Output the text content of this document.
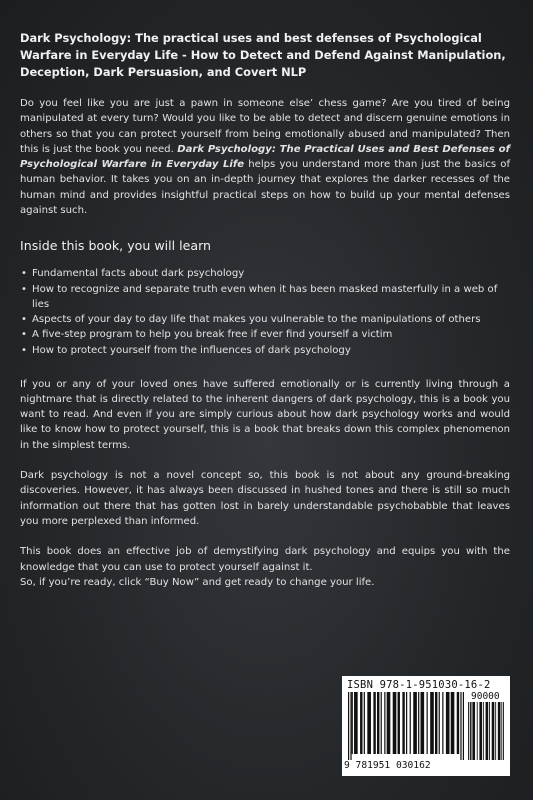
Dark Psychology: The practical uses and best defenses of Psychological Warfare in Everyday Life - How to Detect and Defend Against Manipulation, Deception, Dark Persuasion, and Covert NLP

Do you feel like you are just a pawn in someone else’ chess game? Are you tired of being manipulated at every turn? Would you like to be able to detect and discern genuine emotions in others so that you can protect yourself from being emotionally abused and manipulated? Then this is just the book you need. Dark Psychology: The Practical Uses and Best Defenses of Psychological Warfare in Everyday Life helps you understand more than just the basics of human behavior. It takes you on an in-depth journey that explores the darker recesses of the human mind and provides insightful practical steps on how to build up your mental defenses against such.

Inside this book, you will learn
• Fundamental facts about dark psychology
• How to recognize and separate truth even when it has been masked masterfully in a web of lies
• Aspects of your day to day life that makes you vulnerable to the manipulations of others
• A five-step program to help you break free if ever find yourself a victim
• How to protect yourself from the influences of dark psychology

If you or any of your loved ones have suffered emotionally or is currently living through a nightmare that is directly related to the inherent dangers of dark psychology, this is a book you want to read. And even if you are simply curious about how dark psychology works and would like to know how to protect yourself, this is a book that breaks down this complex phenomenon in the simplest terms.

Dark psychology is not a novel concept so, this book is not about any ground-breaking discoveries. However, it has always been discussed in hushed tones and there is still so much information out there that has gotten lost in barely understandable psychobabble that leaves you more perplexed than informed.

This book does an effective job of demystifying dark psychology and equips you with the knowledge that you can use to protect yourself against it.

So, if you’re ready, click “Buy Now” and get ready to change your life.

ISBN 978-1-951030-16-2
90000
9 781951 030162
